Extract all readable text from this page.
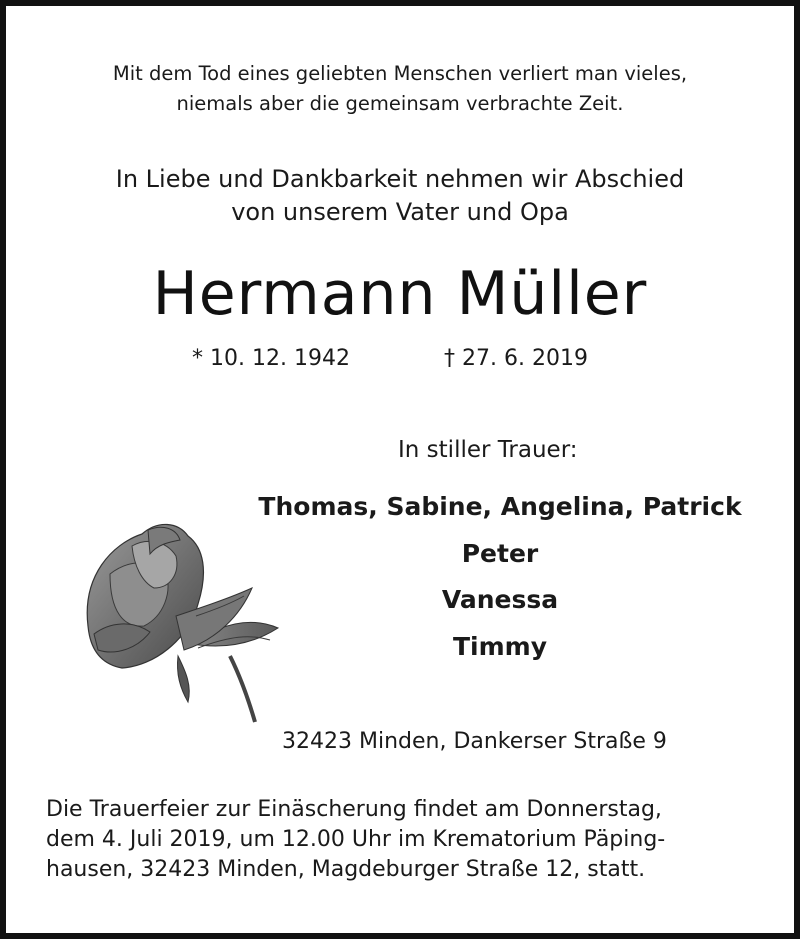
Mit dem Tod eines geliebten Menschen verliert man vieles,
niemals aber die gemeinsam verbrachte Zeit.
In Liebe und Dankbarkeit nehmen wir Abschied
von unserem Vater und Opa
Hermann Müller
* 10. 12. 1942	† 27. 6. 2019
In stiller Trauer:
Thomas, Sabine, Angelina, Patrick
Peter
Vanessa
Timmy
32423 Minden, Dankerser Straße 9
Die Trauerfeier zur Einäscherung findet am Donnerstag,
dem 4. Juli 2019, um 12.00 Uhr im Krematorium Päping-
hausen, 32423 Minden, Magdeburger Straße 12, statt.
